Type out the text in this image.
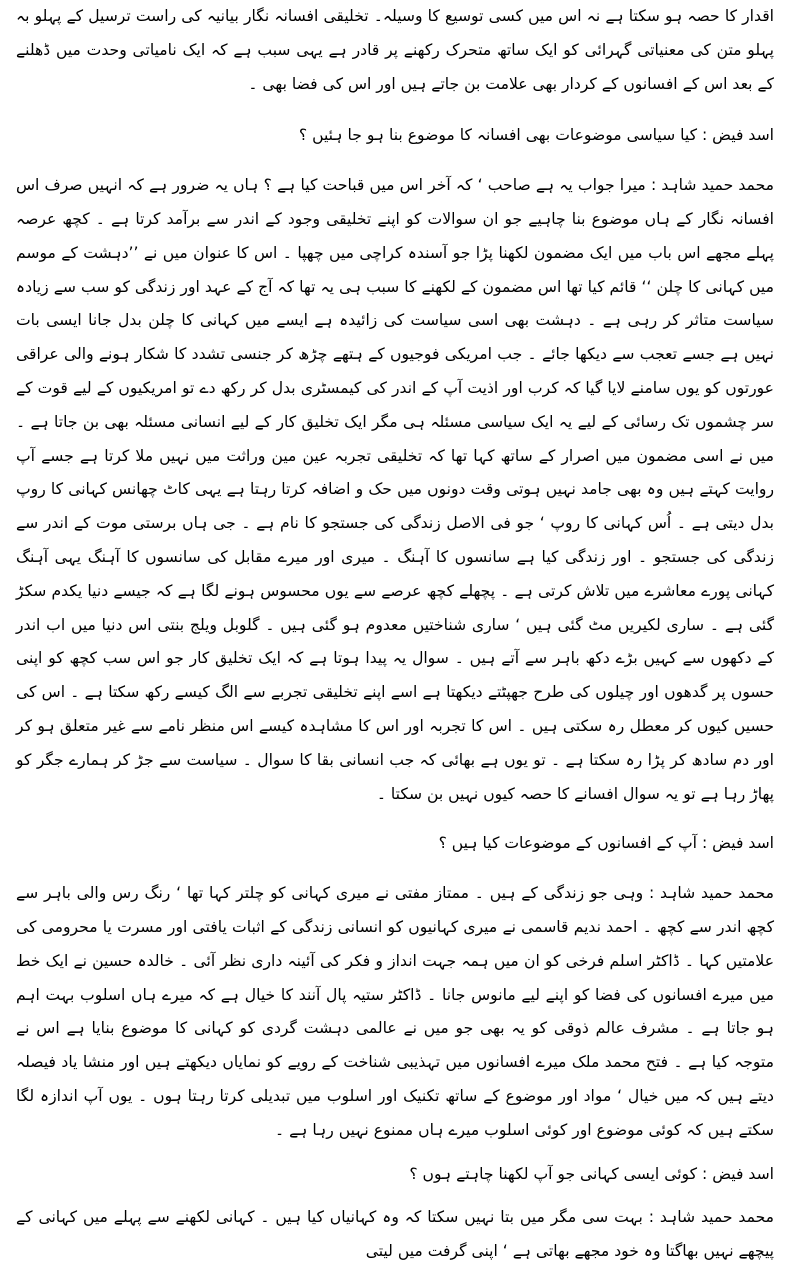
اقدار کا حصہ ہو سکتا ہے نہ اس میں کسی توسیع کا وسیلہ۔ تخلیقی افسانہ نگار بیانیہ کی راست ترسیل کے پہلو بہ پہلو متن کی معنیاتی گہرائی کو ایک ساتھ متحرک رکھنے پر قادر ہے یہی سبب ہے کہ ایک نامیاتی وحدت میں ڈھلنے کے بعد اس کے افسانوں کے کردار بھی علامت بن جاتے ہیں اور اس کی فضا بھی ۔

اسد فیض : کیا سیاسی موضوعات بھی افسانہ کا موضوع بنا ہو جا ہئیں ؟

محمد حمید شاہد : میرا جواب یہ ہے صاحب ‘ کہ آخر اس میں قباحت کیا ہے ؟ ہاں یہ ضرور ہے کہ انہیں صرف اس افسانہ نگار کے ہاں موضوع بنا چاہیے جو ان سوالات کو اپنے تخلیقی وجود کے اندر سے برآمد کرتا ہے ۔ کچھ عرصہ پہلے مجھے اس باب میں ایک مضمون لکھنا پڑا جو آسندہ کراچی میں چھپا ۔ اس کا عنوان میں نے ’’دہشت کے موسم میں کہانی کا چلن ‘‘ قائم کیا تھا اس مضمون کے لکھنے کا سبب ہی یہ تھا کہ آج کے عہد اور زندگی کو سب سے زیادہ سیاست متاثر کر رہی ہے ۔ دہشت بھی اسی سیاست کی زائیدہ ہے ایسے میں کہانی کا چلن بدل جانا ایسی بات نہیں ہے جسے تعجب سے دیکھا جائے ۔ جب امریکی فوجیوں کے ہتھے چڑھ کر جنسی تشدد کا شکار ہونے والی عراقی عورتوں کو یوں سامنے لایا گیا کہ کرب اور اذیت آپ کے اندر کی کیمسٹری بدل کر رکھ دے تو امریکیوں کے لیے قوت کے سر چشموں تک رسائی کے لیے یہ ایک سیاسی مسئلہ ہی مگر ایک تخلیق کار کے لیے انسانی مسئلہ بھی بن جاتا ہے ۔ میں نے اسی مضمون میں اصرار کے ساتھ کہا تھا کہ تخلیقی تجربہ عین مین وراثت میں نہیں ملا کرتا ہے جسے آپ روایت کہتے ہیں وہ بھی جامد نہیں ہوتی وقت دونوں میں حک و اضافہ کرتا رہتا ہے یہی کاٹ چھانس کہانی کا روپ بدل دیتی ہے ۔ اُس کہانی کا روپ ‘ جو فی الاصل زندگی کی جستجو کا نام ہے ۔ جی ہاں برستی موت کے اندر سے زندگی کی جستجو ۔ اور زندگی کیا ہے سانسوں کا آہنگ ۔ میری اور میرے مقابل کی سانسوں کا آہنگ یہی آہنگ کہانی پورے معاشرے میں تلاش کرتی ہے ۔ پچھلے کچھ عرصے سے یوں محسوس ہونے لگا ہے کہ جیسے دنیا یکدم سکڑ گئی ہے ۔ ساری لکیریں مٹ گئی ہیں ‘ ساری شناختیں معدوم ہو گئی ہیں ۔ گلوبل ویلج بنتی اس دنیا میں اب اندر کے دکھوں سے کہیں بڑے دکھ باہر سے آتے ہیں ۔ سوال یہ پیدا ہوتا ہے کہ ایک تخلیق کار جو اس سب کچھ کو اپنی حسوں پر گدھوں اور چیلوں کی طرح جھپٹتے دیکھتا ہے اسے اپنے تخلیقی تجربے سے الگ کیسے رکھ سکتا ہے ۔ اس کی حسیں کیوں کر معطل رہ سکتی ہیں ۔ اس کا تجربہ اور اس کا مشاہدہ کیسے اس منظر نامے سے غیر متعلق ہو کر اور دم سادھ کر پڑا رہ سکتا ہے ۔ تو یوں ہے بھائی کہ جب انسانی بقا کا سوال ۔ سیاست سے جڑ کر ہمارے جگر کو پھاڑ رہا ہے تو یہ سوال افسانے کا حصہ کیوں نہیں بن سکتا ۔

اسد فیض : آپ کے افسانوں کے موضوعات کیا ہیں ؟

محمد حمید شاہد : وہی جو زندگی کے ہیں ۔ ممتاز مفتی نے میری کہانی کو چلتر کہا تھا ‘ رنگ رس والی باہر سے کچھ اندر سے کچھ ۔ احمد ندیم قاسمی نے میری کہانیوں کو انسانی زندگی کے اثبات یافتی اور مسرت یا محرومی کی علامتیں کہا ۔ ڈاکٹر اسلم فرخی کو ان میں ہمہ جہت انداز و فکر کی آئینہ داری نظر آئی ۔ خالدہ حسین نے ایک خط میں میرے افسانوں کی فضا کو اپنے لیے مانوس جانا ۔ ڈاکٹر ستیہ پال آنند کا خیال ہے کہ میرے ہاں اسلوب بہت اہم ہو جاتا ہے ۔ مشرف عالم ذوقی کو یہ بھی جو میں نے عالمی دہشت گردی کو کہانی کا موضوع بنایا ہے اس نے متوجہ کیا ہے ۔ فتح محمد ملک میرے افسانوں میں تہذیبی شناخت کے رویے کو نمایاں دیکھتے ہیں اور منشا یاد فیصلہ دیتے ہیں کہ میں خیال ‘ مواد اور موضوع کے ساتھ تکنیک اور اسلوب میں تبدیلی کرتا رہتا ہوں ۔ یوں آپ اندازہ لگا سکتے ہیں کہ کوئی موضوع اور کوئی اسلوب میرے ہاں ممنوع نہیں رہا ہے ۔

اسد فیض : کوئی ایسی کہانی جو آپ لکھنا چاہتے ہوں ؟

محمد حمید شاہد : بہت سی مگر میں بتا نہیں سکتا کہ وہ کہانیاں کیا ہیں ۔ کہانی لکھنے سے پہلے میں کہانی کے پیچھے نہیں بھاگتا وہ خود مجھے بھاتی ہے ‘ اپنی گرفت میں لیتی
